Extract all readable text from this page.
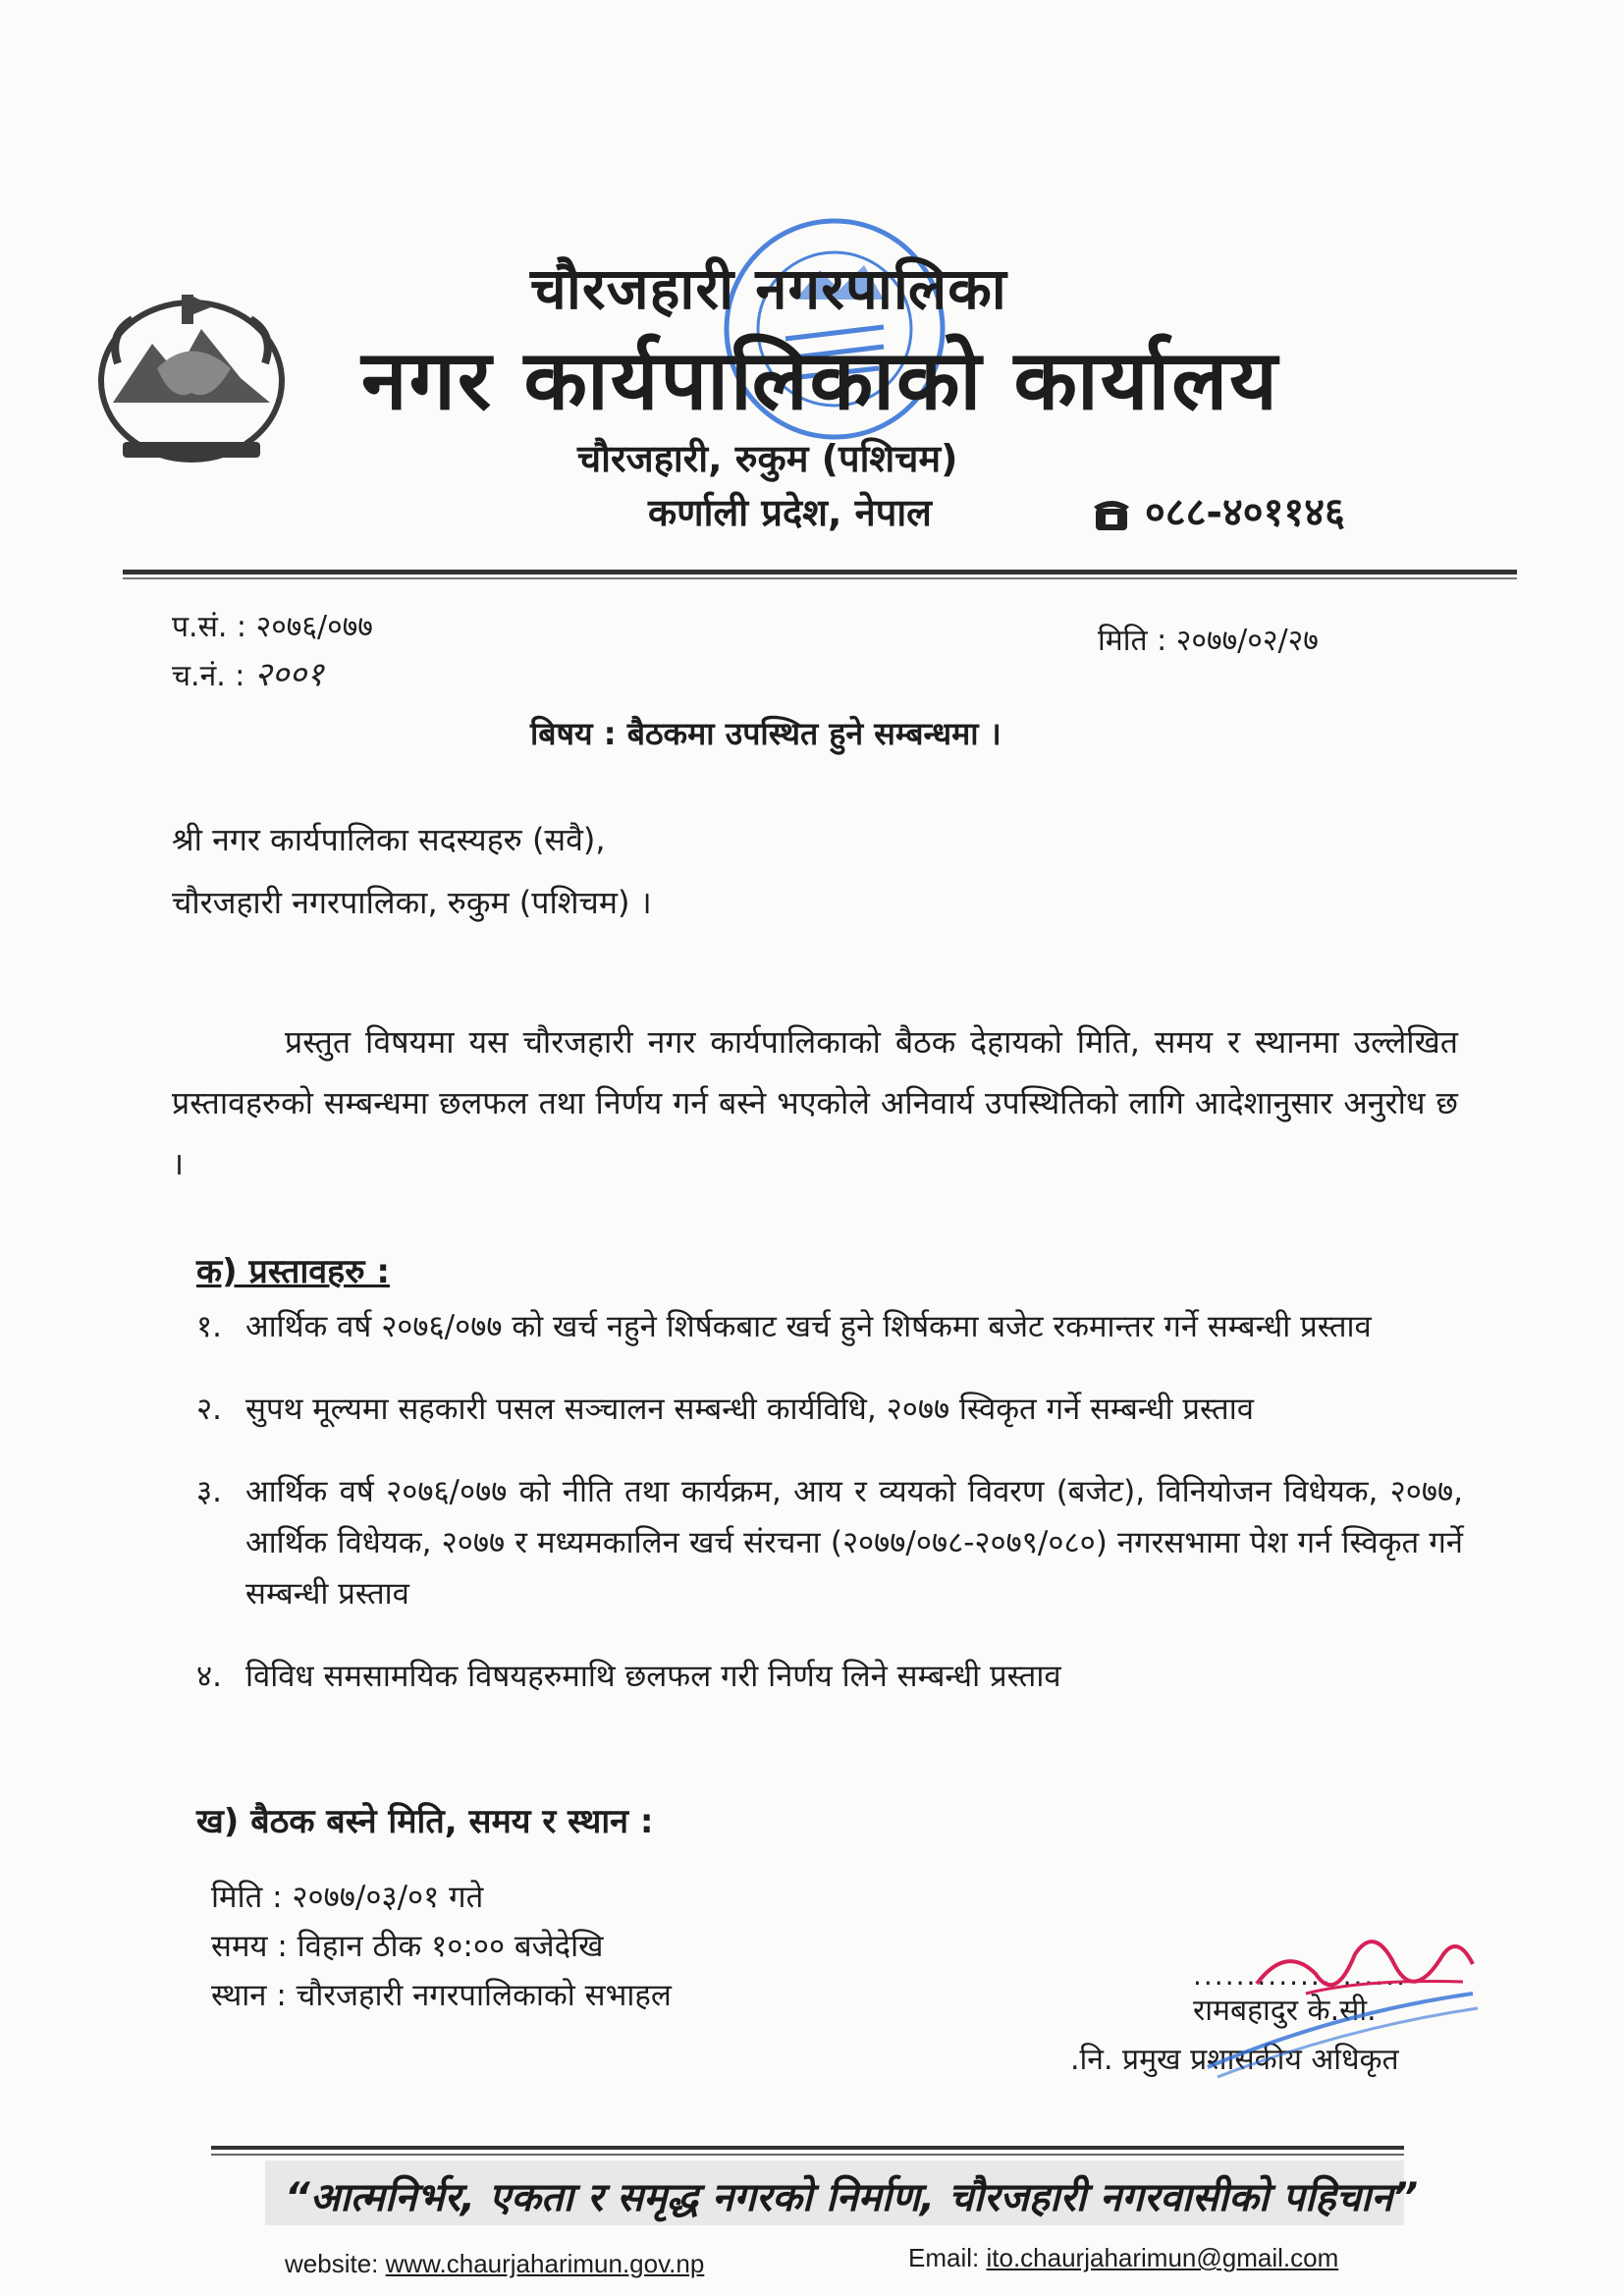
चौरजहारी नगरपालिका
नगर कार्यपालिकाको कार्यालय
चौरजहारी, रुकुम (पशिचम)
कर्णाली प्रदेश, नेपाल	०८८-४०११४६
प.सं. : २०७६/०७७
च.नं. : २००१
मिति : २०७७/०२/२७
बिषय : बैठकमा उपस्थित हुने सम्बन्धमा ।
श्री नगर कार्यपालिका सदस्यहरु (सवै),
चौरजहारी नगरपालिका, रुकुम (पशिचम) ।
प्रस्तुत विषयमा यस चौरजहारी नगर कार्यपालिकाको बैठक देहायको मिति, समय र स्थानमा उल्लेखित प्रस्तावहरुको सम्बन्धमा छलफल तथा निर्णय गर्न बस्ने भएकोले अनिवार्य उपस्थितिको लागि आदेशानुसार अनुरोध छ ।
क) प्रस्तावहरु :
१. आर्थिक वर्ष २०७६/०७७ को खर्च नहुने शिर्षकबाट खर्च हुने शिर्षकमा बजेट रकमान्तर गर्ने सम्बन्धी प्रस्ताव
२. सुपथ मूल्यमा सहकारी पसल सञ्चालन सम्बन्धी कार्यविधि, २०७७ स्विकृत गर्ने सम्बन्धी प्रस्ताव
३. आर्थिक वर्ष २०७६/०७७ को नीति तथा कार्यक्रम, आय र व्ययको विवरण (बजेट), विनियोजन विधेयक, २०७७, आर्थिक विधेयक, २०७७ र मध्यमकालिन खर्च संरचना (२०७७/०७८-२०७९/०८०) नगरसभामा पेश गर्न स्विकृत गर्ने सम्बन्धी प्रस्ताव
४. विविध समसामयिक विषयहरुमाथि छलफल गरी निर्णय लिने सम्बन्धी प्रस्ताव
ख) बैठक बस्ने मिति, समय र स्थान :
मिति : २०७७/०३/०१ गते
समय : विहान ठीक १०:०० बजेदेखि
स्थान : चौरजहारी नगरपालिकाको सभाहल
....................
रामबहादुर के.सी.
.नि. प्रमुख प्रशासकीय अधिकृत
“आत्मनिर्भर, एकता र समृद्ध नगरको निर्माण, चौरजहारी नगरवासीको पहिचान”
website: www.chaurjaharimun.gov.np	Email: ito.chaurjaharimun@gmail.com
